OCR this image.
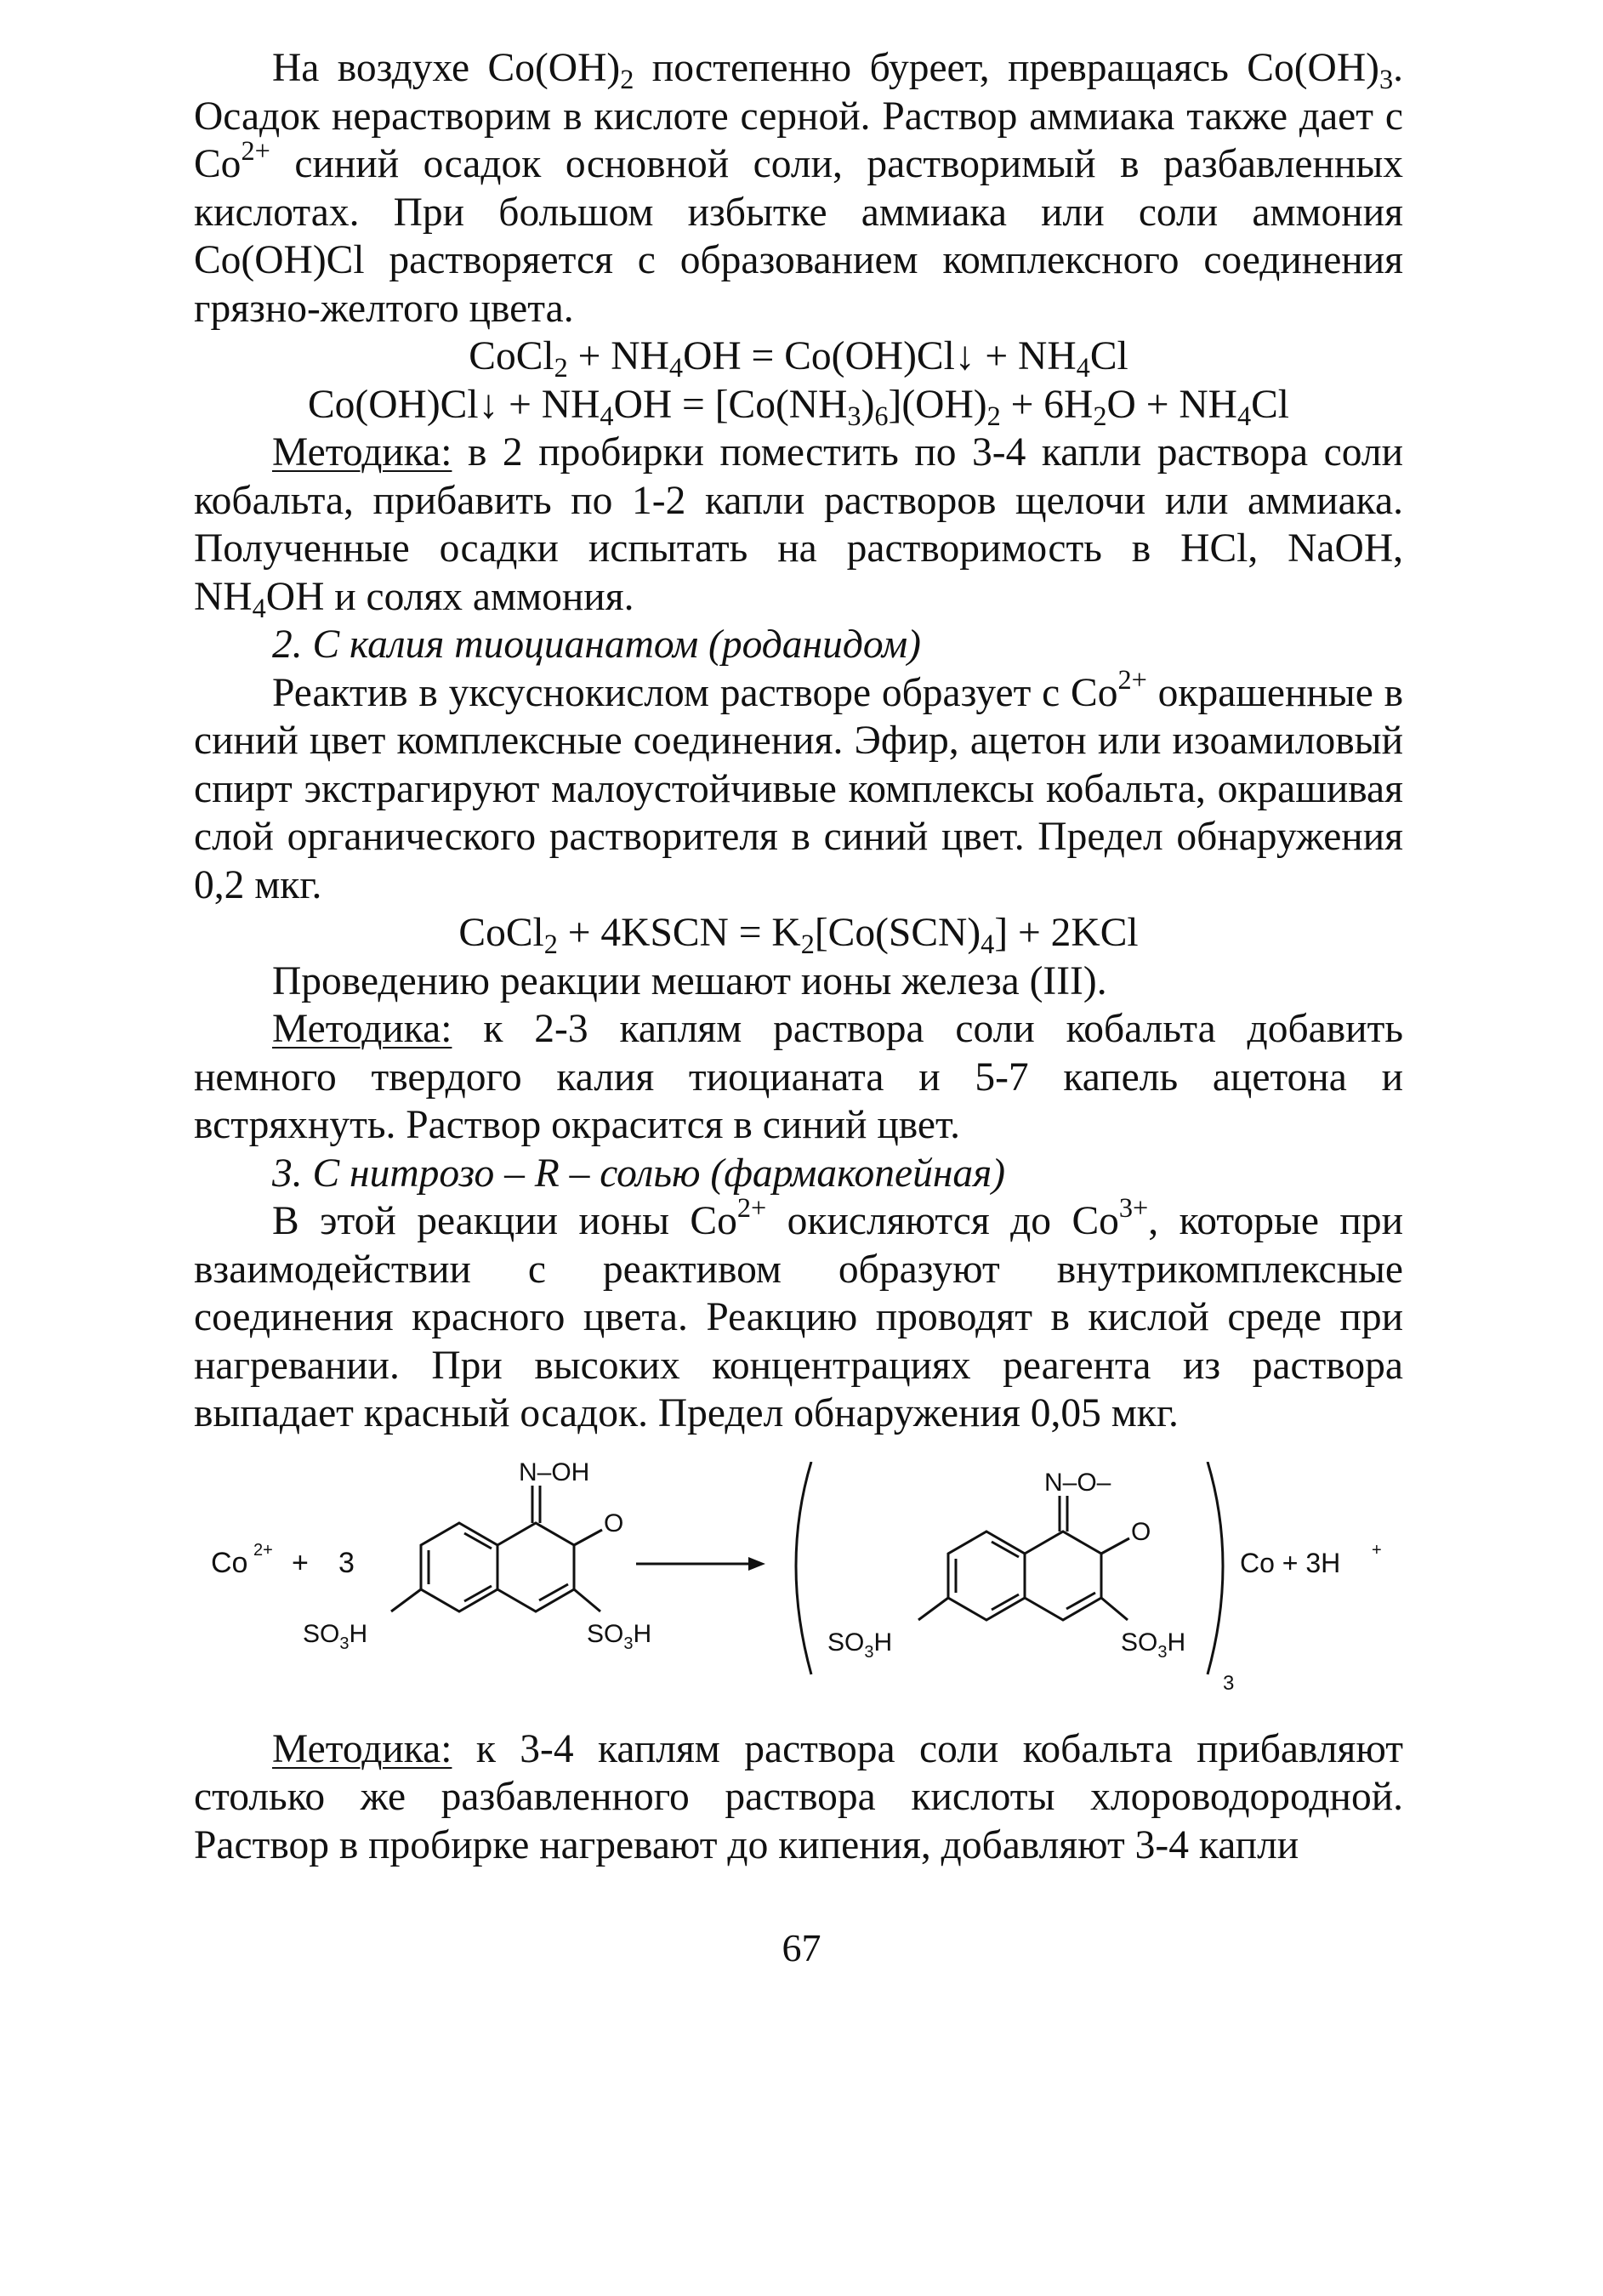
На воздухе $Co(OH)_2$ постепенно буреет, превращаясь $Co(OH)_3$. Осадок нерастворим в кислоте серной. Раствор аммиака также дает с $Co^{2+}$ синий осадок основной соли, растворимый в разбавленных кислотах. При большом избытке аммиака или соли аммония Co(OH)Cl растворяется с образованием комплексного соединения грязно-желтого цвета.

CoCl$_2$ + $NH_4OH$ = Co(OH)Cl↓ + $NH_4Cl$

Co(OH)Cl↓ + $NH_4OH = [Co(NH_3)_6](OH)_2 + 6H_2O + NH_4Cl$

Методика: в 2 пробирки поместить по 3-4 капли раствора соли кобальта, прибавить по 1-2 капли растворов щелочи или аммиака. Полученные осадки испытать на растворимость в HCl, NaOH, $NH_4OH$ и солях аммония.

2. С калия тиоцианатом (роданидом)

Реактив в уксуснокислом растворе образует с $Co^{2+}$ окрашенные в синий цвет комплексные соединения. Эфир, ацетон или изоамиловый спирт экстрагируют малоустойчивые комплексы кобальта, окрашивая слой органического растворителя в синий цвет. Предел обнаружения 0,2 мкг.

CoCl$_2$ + 4KSCN = $K_2[Co(SCN)_4] + 2KCl$

Проведению реакции мешают ионы железа (III).

Методика: к 2-3 каплям раствора соли кобальта добавить немного твердого калия тиоцианата и 5-7 капель ацетона и встряхнуть. Раствор окрасится в синий цвет.

3. С нитрозо – R – солью (фармакопейная)

В этой реакции ионы $Co^{2+}$ окисляются до $Co^{3+}$, которые при взаимодействии с реактивом образуют внутрикомплексные соединения красного цвета. Реакцию проводят в кислой среде при нагревании. При высоких концентрациях реагента из раствора выпадает красный осадок. Предел обнаружения 0,05 мкг.

Co 2+ + 3
N–OH
O
$SO_3H$	$SO_3H$
N–O–
O
$SO_3H$	$SO_3H$
3
Co + 3H +

Методика: к 3-4 каплям раствора соли кобальта прибавляют столько же разбавленного раствора кислоты хлороводородной. Раствор в пробирке нагревают до кипения, добавляют 3-4 капли

67
